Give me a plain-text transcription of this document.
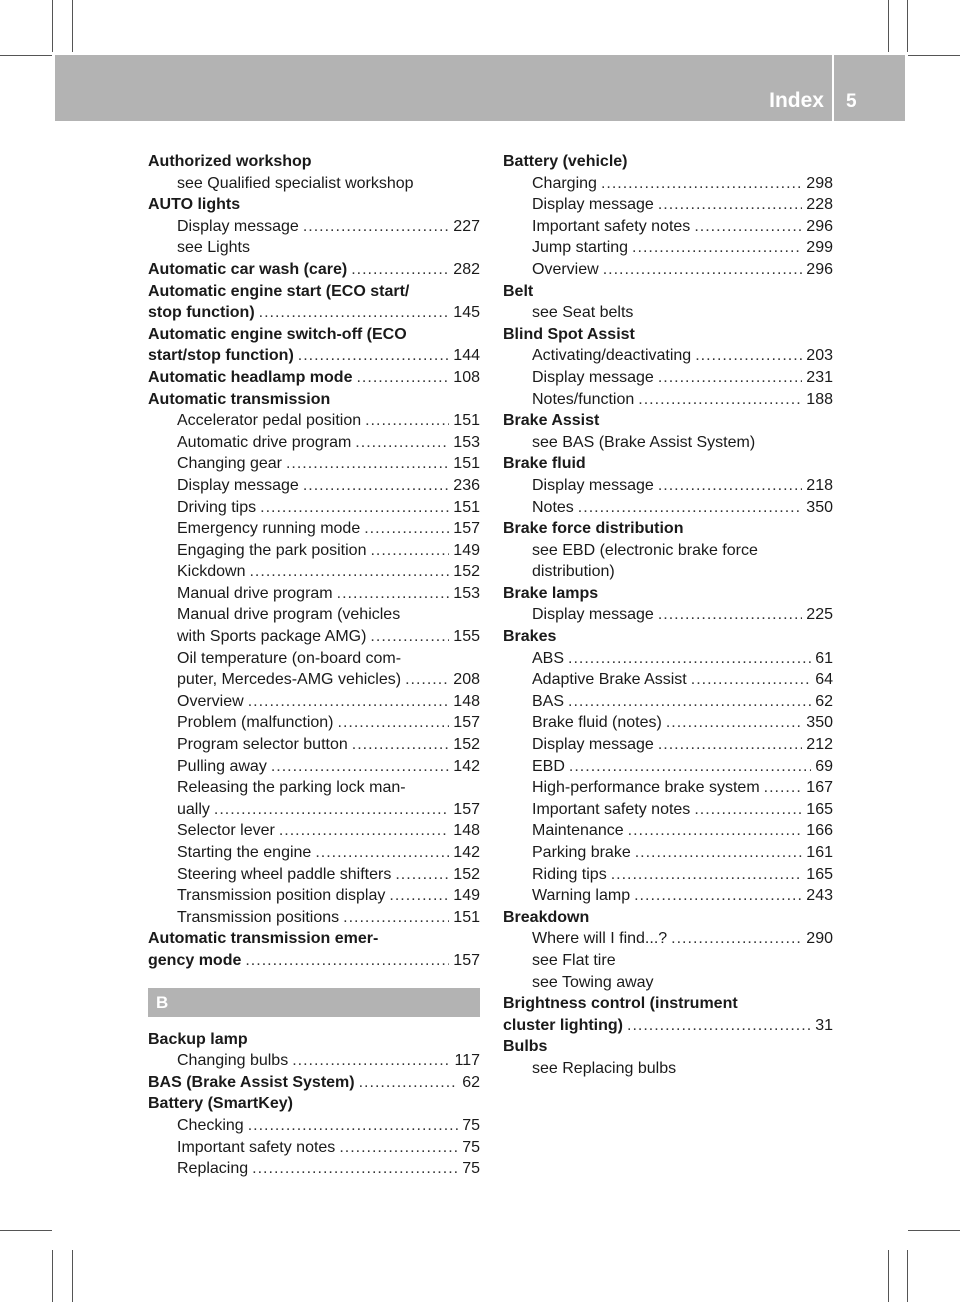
Index 5
Authorized workshop
see Qualified specialist workshop
AUTO lights
Display message .....	227
see Lights
Automatic car wash (care) .....	282
Automatic engine start (ECO start/
stop function) .....	145
Automatic engine switch-off (ECO
start/stop function) .....	144
Automatic headlamp mode .....	108
Automatic transmission
Accelerator pedal position .....	151
Automatic drive program .....	153
Changing gear .....	151
Display message .....	236
Driving tips .....	151
Emergency running mode .....	157
Engaging the park position .....	149
Kickdown .....	152
Manual drive program .....	153
Manual drive program (vehicles
with Sports package AMG) .....	155
Oil temperature (on-board com-
puter, Mercedes-AMG vehicles) .....	208
Overview .....	148
Problem (malfunction) .....	157
Program selector button .....	152
Pulling away .....	142
Releasing the parking lock man-
ually .....	157
Selector lever .....	148
Starting the engine .....	142
Steering wheel paddle shifters .....	152
Transmission position display .....	149
Transmission positions .....	151
Automatic transmission emer-
gency mode .....	157
B
Backup lamp
Changing bulbs .....	117
BAS (Brake Assist System) .....	62
Battery (SmartKey)
Checking .....	75
Important safety notes .....	75
Replacing .....	75
Battery (vehicle)
Charging .....	298
Display message .....	228
Important safety notes .....	296
Jump starting .....	299
Overview .....	296
Belt
see Seat belts
Blind Spot Assist
Activating/deactivating .....	203
Display message .....	231
Notes/function .....	188
Brake Assist
see BAS (Brake Assist System)
Brake fluid
Display message .....	218
Notes .....	350
Brake force distribution
see EBD (electronic brake force
distribution)
Brake lamps
Display message .....	225
Brakes
ABS .....	61
Adaptive Brake Assist .....	64
BAS .....	62
Brake fluid (notes) .....	350
Display message .....	212
EBD .....	69
High-performance brake system .....	167
Important safety notes .....	165
Maintenance .....	166
Parking brake .....	161
Riding tips .....	165
Warning lamp .....	243
Breakdown
Where will I find...? .....	290
see Flat tire
see Towing away
Brightness control (instrument
cluster lighting) .....	31
Bulbs
see Replacing bulbs
